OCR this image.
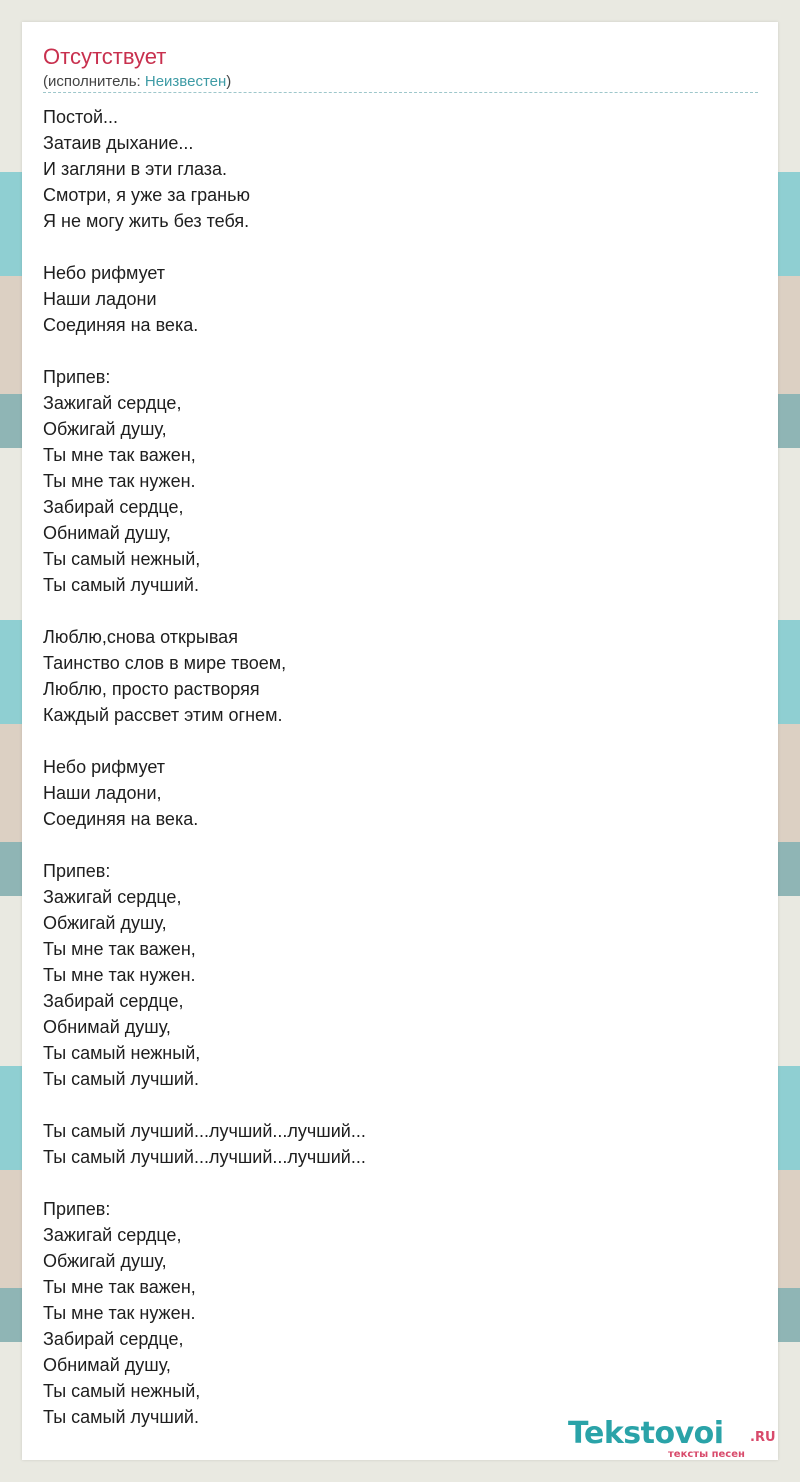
Отсутствует
(исполнитель: Неизвестен)
Постой...
Затаив дыхание...
И загляни в эти глаза.
Смотри, я уже за гранью
Я не могу жить без тебя.
Небо рифмует
Наши ладони
Соединяя на века.
Припев:
Зажигай сердце,
Обжигай душу,
Ты мне так важен,
Ты мне так нужен.
Забирай сердце,
Обнимай душу,
Ты самый нежный,
Ты самый лучший.
Люблю,снова открывая
Таинство слов в мире твоем,
Люблю, просто растворяя
Каждый рассвет этим огнем.
Небо рифмует
Наши ладони,
Соединяя на века.
Припев:
Зажигай сердце,
Обжигай душу,
Ты мне так важен,
Ты мне так нужен.
Забирай сердце,
Обнимай душу,
Ты самый нежный,
Ты самый лучший.
Ты самый лучший...лучший...лучший...
Ты самый лучший...лучший...лучший...
Припев:
Зажигай сердце,
Обжигай душу,
Ты мне так важен,
Ты мне так нужен.
Забирай сердце,
Обнимай душу,
Ты самый нежный,
Ты самый лучший.	Tekstovoi .RU
тексты песен
